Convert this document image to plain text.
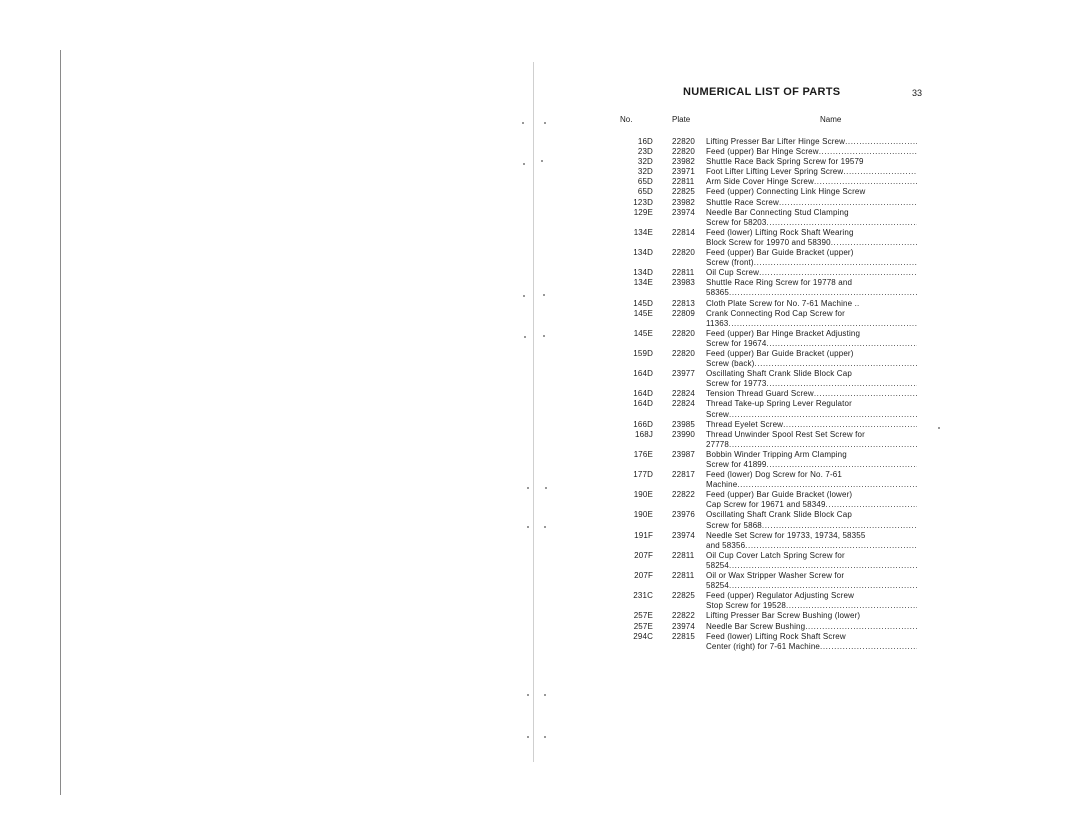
NUMERICAL LIST OF PARTS	33
No.	Plate	Name
16D	22820	Lifting Presser Bar Lifter Hinge Screw
.....
23D	22820	Feed (upper) Bar Hinge Screw
.....
32D	23982	Shuttle Race Back Spring Screw for 19579
32D	23971	Foot Lifter Lifting Lever Spring Screw
.....
65D	22811	Arm Side Cover Hinge Screw
.....
65D	22825	Feed (upper) Connecting Link Hinge Screw
123D	23982	Shuttle Race Screw
.....
129E	23974	Needle Bar Connecting Stud Clamping
Screw for 58203
.....
134E	22814	Feed (lower) Lifting Rock Shaft Wearing
Block Screw for 19970 and 58390
.....
134D	22820	Feed (upper) Bar Guide Bracket (upper)
Screw (front)
.....
134D	22811	Oil Cup Screw
.....
134E	23983	Shuttle Race Ring Screw for 19778 and
58365
.....
145D	22813	Cloth Plate Screw for No. 7-61 Machine ..
145E	22809	Crank Connecting Rod Cap Screw for
11363
.....
145E	22820	Feed (upper) Bar Hinge Bracket Adjusting
Screw for 19674
.....
159D	22820	Feed (upper) Bar Guide Bracket (upper)
Screw (back)
.....
164D	23977	Oscillating Shaft Crank Slide Block Cap
Screw for 19773
.....
164D	22824	Tension Thread Guard Screw
.....
164D	22824	Thread Take-up Spring Lever Regulator
Screw
.....
166D	23985	Thread Eyelet Screw
.....
168J	23990	Thread Unwinder Spool Rest Set Screw for
27778
.....
176E	23987	Bobbin Winder Tripping Arm Clamping
Screw for 41899
.....
177D	22817	Feed (lower) Dog Screw for No. 7-61
Machine
.....
190E	22822	Feed (upper) Bar Guide Bracket (lower)
Cap Screw for 19671 and 58349
.....
190E	23976	Oscillating Shaft Crank Slide Block Cap
Screw for 5868
.....
191F	23974	Needle Set Screw for 19733, 19734, 58355
and 58356
.....
207F	22811	Oil Cup Cover Latch Spring Screw for
58254
.....
207F	22811	Oil or Wax Stripper Washer Screw for
58254
.....
231C	22825	Feed (upper) Regulator Adjusting Screw
Stop Screw for 19528
.....
257E	22822	Lifting Presser Bar Screw Bushing (lower)
257E	23974	Needle Bar Screw Bushing
.....
294C	22815	Feed (lower) Lifting Rock Shaft Screw
Center (right) for 7-61 Machine
.....
